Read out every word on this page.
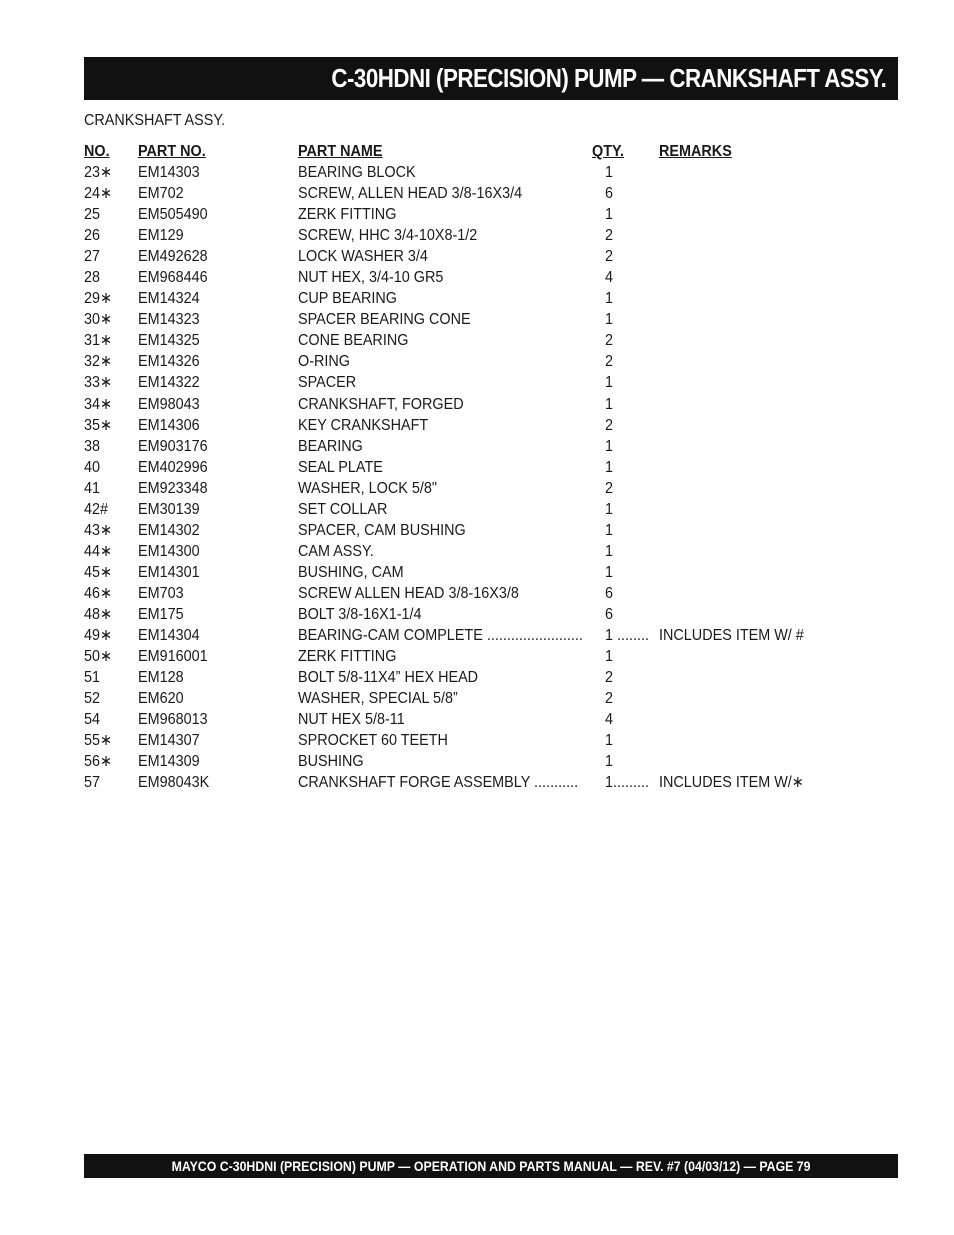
C-30HDNI (PRECISION) PUMP — CRANKSHAFT ASSY.
CRANKSHAFT ASSY.
NO. PART NO.	PART NAME	QTY. REMARKS
23∗ EM14303	BEARING BLOCK	1
24∗ EM702	SCREW, ALLEN HEAD 3/8-16X3/4	6
25 EM505490	ZERK FITTING	1
26 EM129	SCREW, HHC 3/4-10X8-1/2	2
27 EM492628	LOCK WASHER 3/4	2
28 EM968446	NUT HEX, 3/4-10 GR5	4
29∗ EM14324	CUP BEARING	1
30∗ EM14323	SPACER BEARING CONE	1
31∗ EM14325	CONE BEARING	2
32∗ EM14326	O-RING	2
33∗ EM14322	SPACER	1
34∗ EM98043	CRANKSHAFT, FORGED	1
35∗ EM14306	KEY CRANKSHAFT	2
38 EM903176	BEARING	1
40 EM402996	SEAL PLATE	1
41 EM923348	WASHER, LOCK 5/8"	2
42# EM30139	SET COLLAR	1
43∗ EM14302	SPACER, CAM BUSHING	1
44∗ EM14300	CAM ASSY.	1
45∗ EM14301	BUSHING, CAM	1
46∗ EM703	SCREW ALLEN HEAD 3/8-16X3/8	6
48∗ EM175	BOLT 3/8-16X1-1/4	6
49∗ EM14304	BEARING-CAM COMPLETE ........................ 1 ........ INCLUDES ITEM W/ #
50∗ EM916001	ZERK FITTING	1
51 EM128	BOLT 5/8-11X4” HEX HEAD	2
52 EM620	WASHER, SPECIAL 5/8”	2
54 EM968013	NUT HEX 5/8-11	4
55∗ EM14307	SPROCKET 60 TEETH	1
56∗ EM14309	BUSHING	1
57 EM98043K	CRANKSHAFT FORGE ASSEMBLY ........... 1......... INCLUDES ITEM W/∗
MAYCO C-30HDNI (PRECISION) PUMP — OPERATION AND PARTS MANUAL — REV. #7 (04/03/12) — PAGE 79
